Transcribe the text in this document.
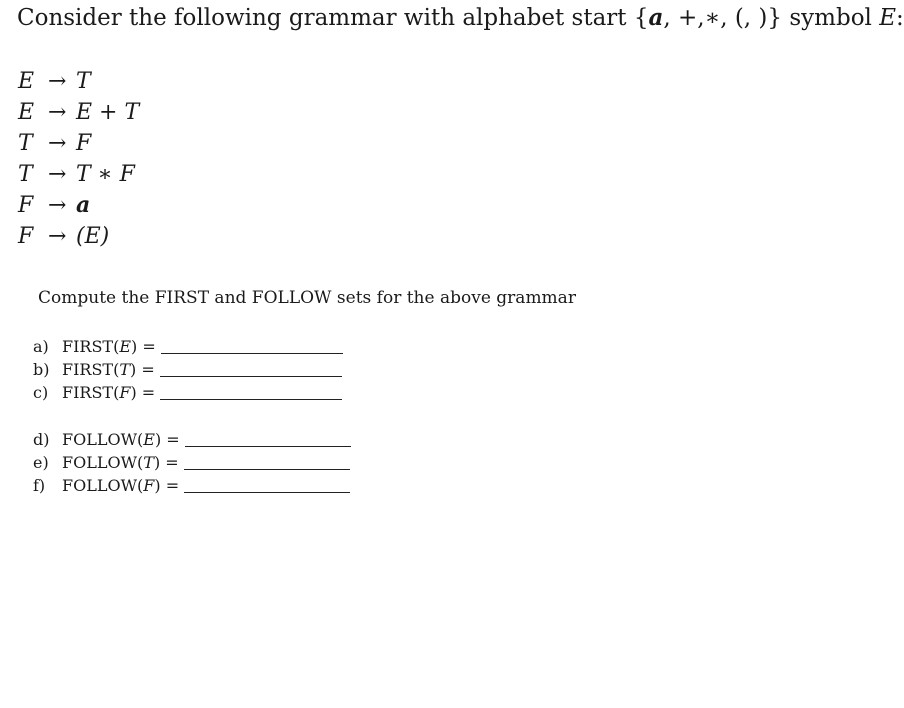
Consider the following grammar with alphabet start {a, +,∗, (, )} symbol E:
E → T
E → E + T
T → F
T → T ∗ F
F → a
F → (E)
Compute the FIRST and FOLLOW sets for the above grammar
a) FIRST(E) =
b) FIRST(T) =
c) FIRST(F) =
d) FOLLOW(E) =
e) FOLLOW(T) =
f) FOLLOW(F) =
